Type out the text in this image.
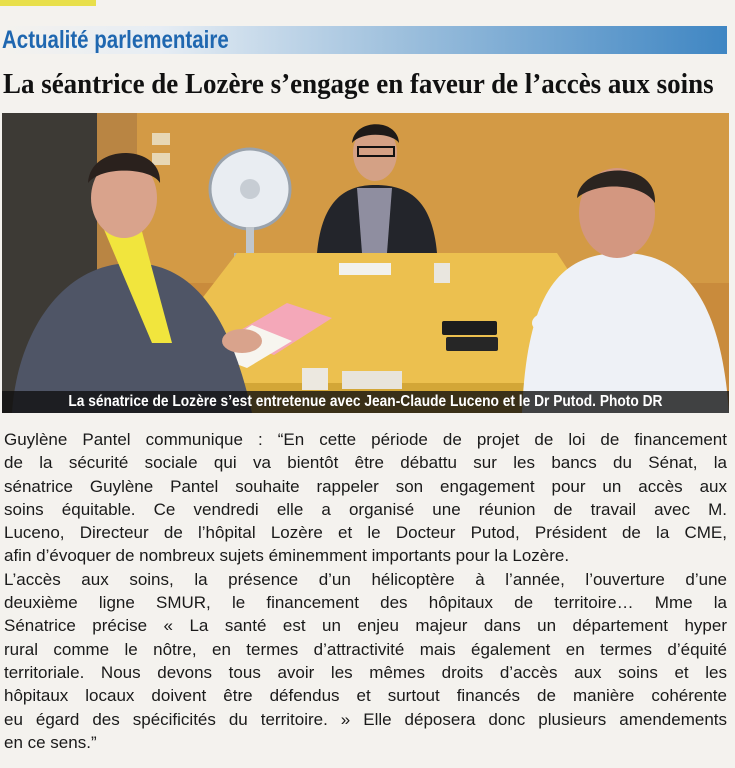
Actualité parlementaire
La séantrice de Lozère s’engage en faveur de l’accès aux soins
La sénatrice de Lozère s’est entretenue avec Jean-Claude Luceno et le Dr Putod. Photo DR
Guylène Pantel communique : “En cette période de projet de loi de financement
de la sécurité sociale qui va bientôt être débattu sur les bancs du Sénat, la
sénatrice Guylène Pantel souhaite rappeler son engagement pour un accès aux
soins équitable. Ce vendredi elle a organisé une réunion de travail avec M.
Luceno, Directeur de l’hôpital Lozère et le Docteur Putod, Président de la CME,
afin d’évoquer de nombreux sujets éminemment importants pour la Lozère.
L’accès aux soins, la présence d’un hélicoptère à l’année, l’ouverture d’une
deuxième ligne SMUR, le financement des hôpitaux de territoire… Mme la
Sénatrice précise « La santé est un enjeu majeur dans un département hyper
rural comme le nôtre, en termes d’attractivité mais également en termes d’équité
territoriale. Nous devons tous avoir les mêmes droits d’accès aux soins et les
hôpitaux locaux doivent être défendus et surtout financés de manière cohérente
eu égard des spécificités du territoire. » Elle déposera donc plusieurs amendements
en ce sens.”
